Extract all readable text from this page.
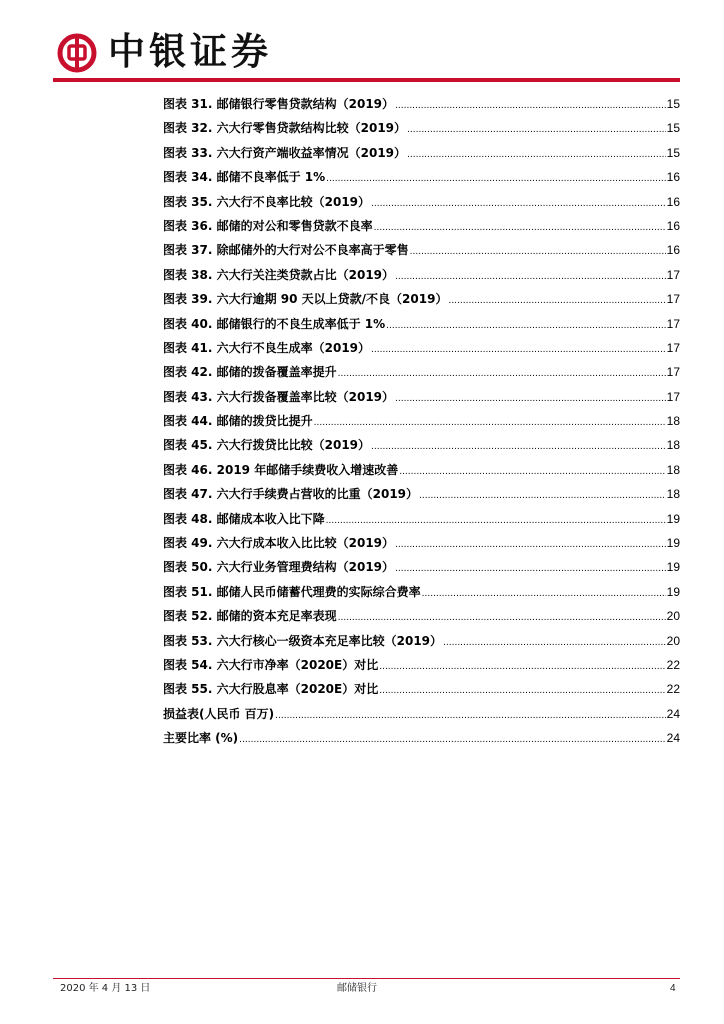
中银证券
图表 31. 邮储银行零售贷款结构（2019） .....	15
图表 32. 六大行零售贷款结构比较（2019） .....	15
图表 33. 六大行资产端收益率情况（2019） .....	15
图表 34. 邮储不良率低于 1% .....	16
图表 35. 六大行不良率比较（2019） .....	16
图表 36. 邮储的对公和零售贷款不良率 .....	16
图表 37. 除邮储外的大行对公不良率高于零售 .....	16
图表 38. 六大行关注类贷款占比（2019） .....	17
图表 39. 六大行逾期 90 天以上贷款/不良（2019） .....	17
图表 40. 邮储银行的不良生成率低于 1% .....	17
图表 41. 六大行不良生成率（2019） .....	17
图表 42. 邮储的拨备覆盖率提升 .....	17
图表 43. 六大行拨备覆盖率比较（2019） .....	17
图表 44. 邮储的拨贷比提升 .....	18
图表 45. 六大行拨贷比比较（2019） .....	18
图表 46. 2019 年邮储手续费收入增速改善 .....	18
图表 47. 六大行手续费占营收的比重（2019） .....	18
图表 48. 邮储成本收入比下降 .....	19
图表 49. 六大行成本收入比比较（2019） .....	19
图表 50. 六大行业务管理费结构（2019） .....	19
图表 51. 邮储人民币储蓄代理费的实际综合费率 .....	19
图表 52. 邮储的资本充足率表现 .....	20
图表 53. 六大行核心一级资本充足率比较（2019） .....	20
图表 54. 六大行市净率（2020E）对比 .....	22
图表 55. 六大行股息率（2020E）对比 .....	22
损益表(人民币 百万) .....	24
主要比率 (%) .....	24
2020 年 4 月 13 日	邮储银行	4
